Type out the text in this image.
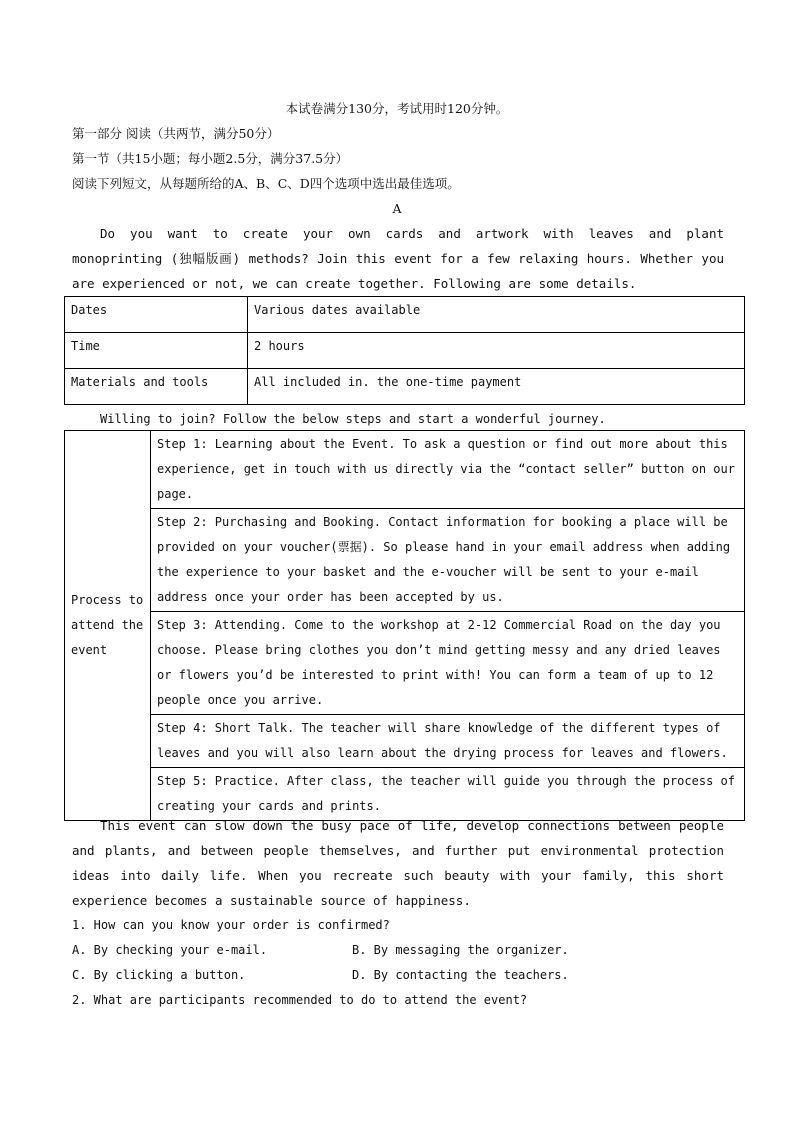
本试卷满分130分，考试用时120分钟。
第一部分 阅读（共两节，满分50分）
第一节（共15小题；每小题2.5分，满分37.5分）
阅读下列短文，从每题所给的A、B、C、D四个选项中选出最佳选项。
A
Do you want to create your own cards and artwork with leaves and plant monoprinting (独幅版画) methods? Join this event for a few relaxing hours. Whether you are experienced or not, we can create together. Following are some details.
Dates	Various dates available
Time	2 hours
Materials and tools	All included in. the one-time payment
Willing to join? Follow the below steps and start a wonderful journey.
Process to attend the event	Step 1: Learning about the Event. To ask a question or find out more about this experience, get in touch with us directly via the “contact seller” button on our page.
Step 2: Purchasing and Booking. Contact information for booking a place will be provided on your voucher(票据). So please hand in your email address when adding the experience to your basket and the e-voucher will be sent to your e-mail address once your order has been accepted by us.
Step 3: Attending. Come to the workshop at 2-12 Commercial Road on the day you choose. Please bring clothes you don’t mind getting messy and any dried leaves or flowers you’d be interested to print with! You can form a team of up to 12 people once you arrive.
Step 4: Short Talk. The teacher will share knowledge of the different types of leaves and you will also learn about the drying process for leaves and flowers.
Step 5: Practice. After class, the teacher will guide you through the process of creating your cards and prints.
This event can slow down the busy pace of life, develop connections between people and plants, and between people themselves, and further put environmental protection ideas into daily life. When you recreate such beauty with your family, this short experience becomes a sustainable source of happiness.
1. How can you know your order is confirmed?
A. By checking your e-mail.	B. By messaging the organizer.
C. By clicking a button.	D. By contacting the teachers.
2. What are participants recommended to do to attend the event?
